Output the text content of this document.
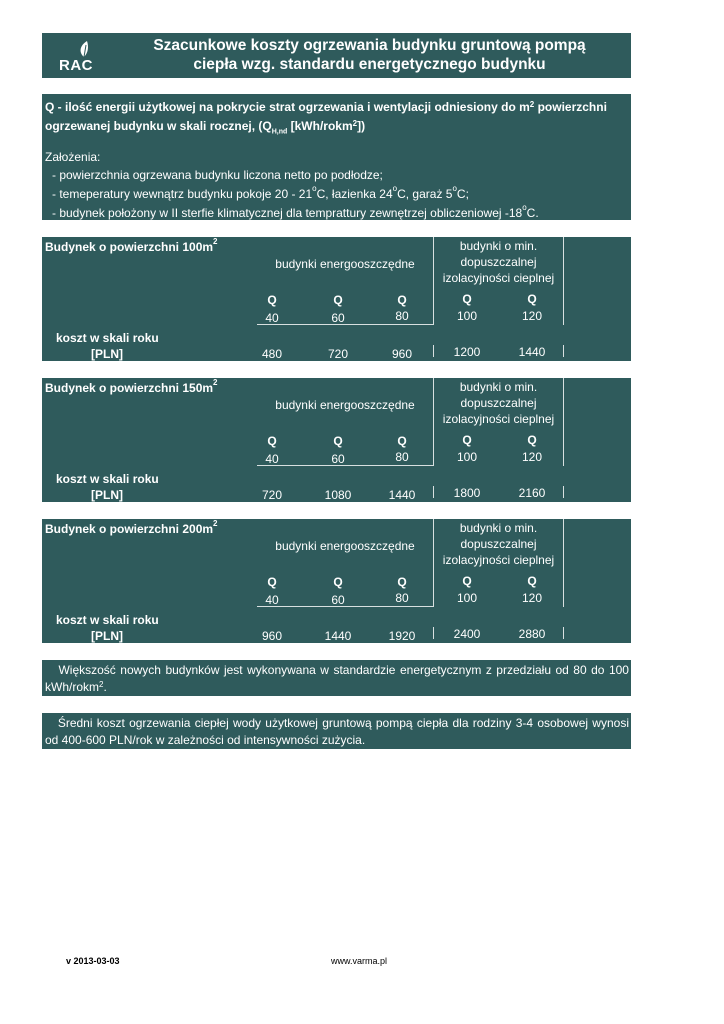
RAC
Szacunkowe koszty ogrzewania budynku gruntową pompą
ciepła wzg. standardu energetycznego budynku
Q - ilość energii użytkowej na pokrycie strat ogrzewania i wentylacji odniesiony do $m^2$ powierzchni
ogrzewanej budynku w skali rocznej, ($Q_{H,nd}$ [kWh/rokm$^2$])
Założenia:
- powierzchnia ogrzewana budynku liczona netto po podłodze;
- temeperatury wewnątrz budynku pokoje 20 - 21$^o$C, łazienka 24$^o$C, garaż 5$^o$C;
- budynek położony w II sterfie klimatycznej dla temprattury zewnętrzej obliczeniowej -18$^o$C.
Budynek o powierzchni $100m^2$
budynki energooszczędne
budynki o min.
dopuszczalnej
izolacyjności cieplnej
Q	Q	Q	Q	Q
40	60	80	100	120
koszt w skali roku
[PLN]	480	720	960	1200	1440
Budynek o powierzchni $150m^2$
budynki energooszczędne
budynki o min.
dopuszczalnej
izolacyjności cieplnej
Q	Q	Q	Q	Q
40	60	80	100	120
koszt w skali roku
[PLN]	720	1080	1440	1800	2160
Budynek o powierzchni $200m^2$
budynki energooszczędne
budynki o min.
dopuszczalnej
izolacyjności cieplnej
Q	Q	Q	Q	Q
40	60	80	100	120
koszt w skali roku
[PLN]	960	1440	1920	2400	2880
Większość nowych budynków jest wykonywana w standardzie energetycznym z przedziału od 80 do 100 kWh/rokm$^2$.
Średni koszt ogrzewania ciepłej wody użytkowej gruntową pompą ciepła dla rodziny 3-4 osobowej wynosi od 400-600 PLN/rok w zależności od intensywności zużycia.
v 2013-03-03	www.varma.pl
